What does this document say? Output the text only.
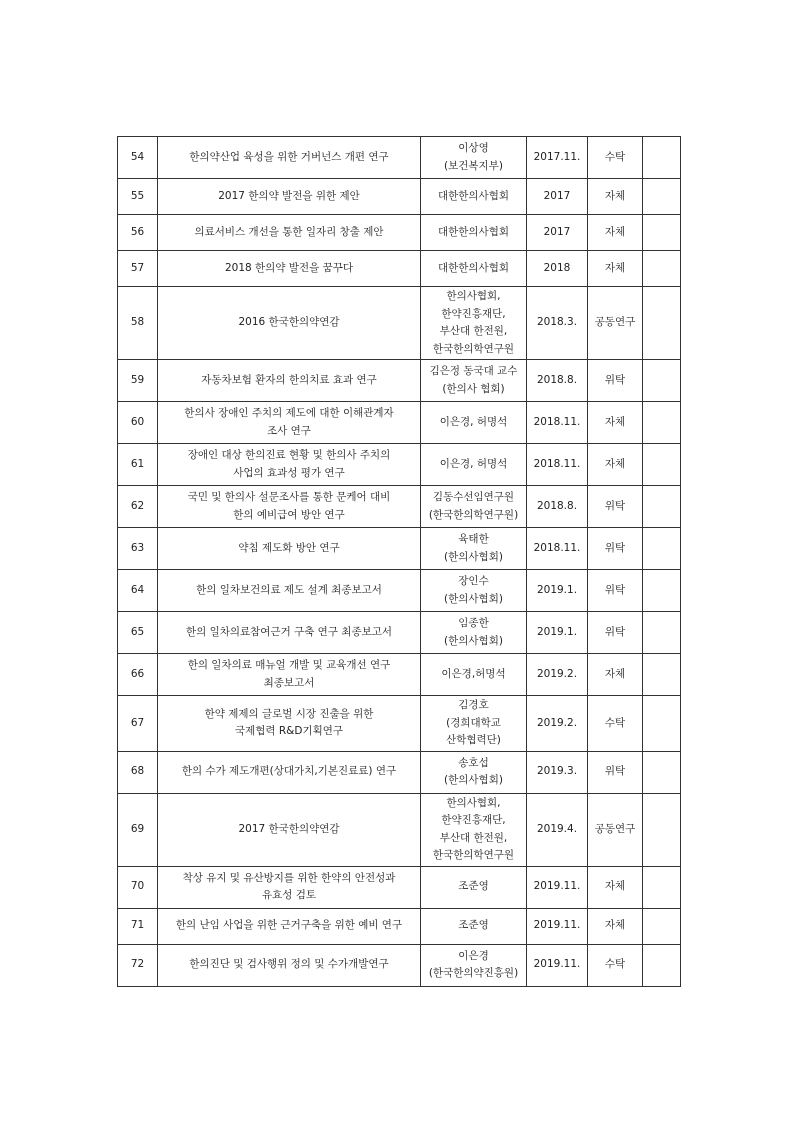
54	한의약산업 육성을 위한 거버넌스 개편 연구	이상영
(보건복지부)	2017.11.	수탁	
55	2017 한의약 발전을 위한 제안	대한한의사협회	2017	자체	
56	의료서비스 개선을 통한 일자리 창출 제안	대한한의사협회	2017	자체	
57	2018 한의약 발전을 꿈꾸다	대한한의사협회	2018	자체	
58	2016 한국한의약연감	한의사협회,
한약진흥재단,
부산대 한전원,
한국한의학연구원	2018.3.	공동연구	
59	자동차보험 환자의 한의치료 효과 연구	김은정 동국대 교수
(한의사 협회)	2018.8.	위탁	
60	한의사 장애인 주치의 제도에 대한 이해관계자
조사 연구	이은경, 허명석	2018.11.	자체	
61	장애인 대상 한의진료 현황 및 한의사 주치의
사업의 효과성 평가 연구	이은경, 허명석	2018.11.	자체	
62	국민 및 한의사 설문조사를 통한 문케어 대비
한의 예비급여 방안 연구	김동수선임연구원
(한국한의학연구원)	2018.8.	위탁	
63	약침 제도화 방안 연구	육태한
(한의사협회)	2018.11.	위탁	
64	한의 일차보건의료 제도 설계 최종보고서	장인수
(한의사협회)	2019.1.	위탁	
65	한의 일차의료참여근거 구축 연구 최종보고서	임종한
(한의사협회)	2019.1.	위탁	
66	한의 일차의료 매뉴얼 개발 및 교육개선 연구
최종보고서	이은경,허명석	2019.2.	자체	
67	한약 제제의 글로벌 시장 진출을 위한
국제협력 R&D기획연구	김경호
(경희대학교
산학협력단)	2019.2.	수탁	
68	한의 수가 제도개편(상대가치,기본진료료) 연구	송호섭
(한의사협회)	2019.3.	위탁	
69	2017 한국한의약연감	한의사협회,
한약진흥재단,
부산대 한전원,
한국한의학연구원	2019.4.	공동연구	
70	착상 유지 및 유산방지를 위한 한약의 안전성과
유효성 검토	조준영	2019.11.	자체	
71	한의 난임 사업을 위한 근거구축을 위한 예비 연구	조준영	2019.11.	자체	
72	한의진단 및 검사행위 정의 및 수가개발연구	이은경
(한국한의약진흥원)	2019.11.	수탁	
